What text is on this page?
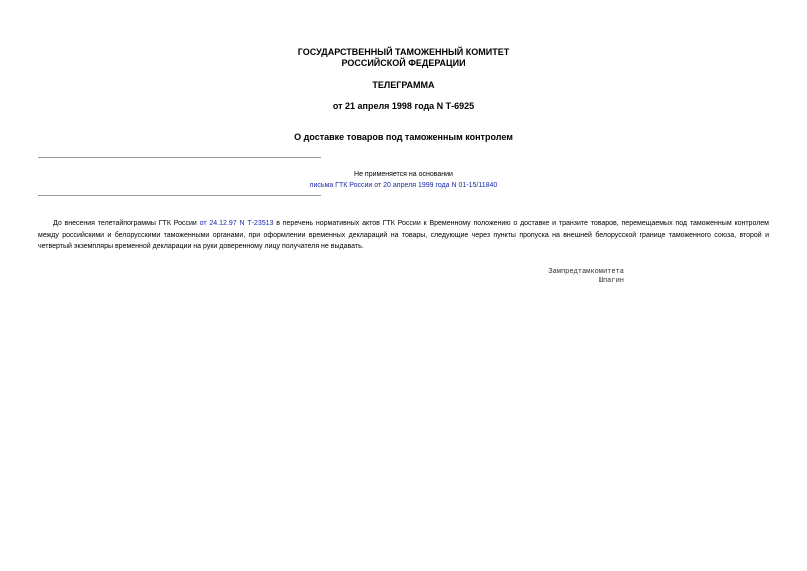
ГОСУДАРСТВЕННЫЙ ТАМОЖЕННЫЙ КОМИТЕТ
РОССИЙСКОЙ ФЕДЕРАЦИИ
ТЕЛЕГРАММА
от 21 апреля 1998 года N Т-6925
О доставке товаров под таможенным контролем
Не применяется на основании
письма ГТК России от 20 апреля 1999 года N 01-15/11840

До внесения телетайпограммы ГТК России от 24.12.97 N Т-23513 в перечень нормативных актов ГТК России к Временному положению о доставке и транзите товаров, перемещаемых под таможенным контролем между российскими и белорусскими таможенными органами, при оформлении временных деклараций на товары, следующие через пункты пропуска на внешней белорусской границе таможенного союза, второй и четвертый экземпляры временной декларации на руки доверенному лицу получателя не выдавать.

Зампредтамкомитета
Шпагин
